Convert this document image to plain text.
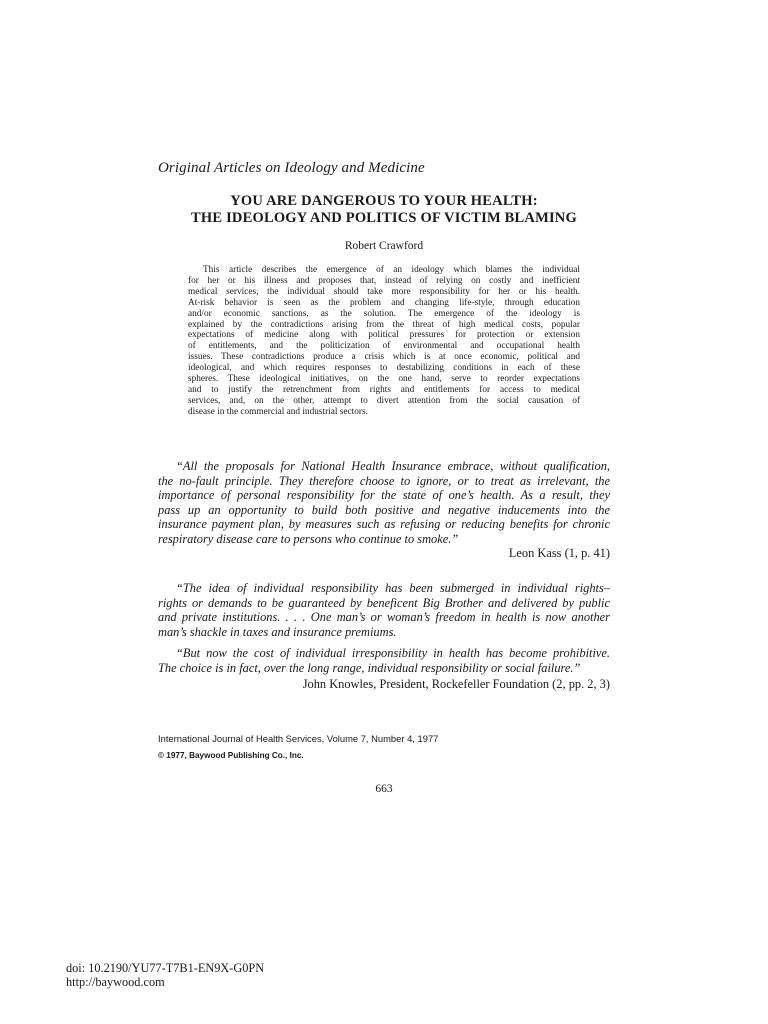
Original Articles on Ideology and Medicine
YOU ARE DANGEROUS TO YOUR HEALTH:
THE IDEOLOGY AND POLITICS OF VICTIM BLAMING
Robert Crawford
This article describes the emergence of an ideology which blames the individual
for her or his illness and proposes that, instead of relying on costly and inefficient
medical services, the individual should take more responsibility for her or his health.
At-risk behavior is seen as the problem and changing life-style, through education
and/or economic sanctions, as the solution. The emergence of the ideology is
explained by the contradictions arising from the threat of high medical costs, popular
expectations of medicine along with political pressures for protection or extension
of entitlements, and the politicization of environmental and occupational health
issues. These contradictions produce a crisis which is at once economic, political and
ideological, and which requires responses to destabilizing conditions in each of these
spheres. These ideological initiatives, on the one hand, serve to reorder expectations
and to justify the retrenchment from rights and entitlements for access to medical
services, and, on the other, attempt to divert attention from the social causation of
disease in the commercial and industrial sectors.
“All the proposals for National Health Insurance embrace, without qualification,
the no-fault principle. They therefore choose to ignore, or to treat as irrelevant, the
importance of personal responsibility for the state of one’s health. As a result, they
pass up an opportunity to build both positive and negative inducements into the
insurance payment plan, by measures such as refusing or reducing benefits for chronic
respiratory disease care to persons who continue to smoke.”
Leon Kass (1, p. 41)
“The idea of individual responsibility has been submerged in individual rights–
rights or demands to be guaranteed by beneficent Big Brother and delivered by public
and private institutions. . . . One man’s or woman’s freedom in health is now another
man’s shackle in taxes and insurance premiums.
“But now the cost of individual irresponsibility in health has become prohibitive.
The choice is in fact, over the long range, individual responsibility or social failure.”
John Knowles, President, Rockefeller Foundation (2, pp. 2, 3)
International Journal of Health Services, Volume 7, Number 4, 1977
© 1977, Baywood Publishing Co., Inc.
663
doi: 10.2190/YU77-T7B1-EN9X-G0PN
http://baywood.com
